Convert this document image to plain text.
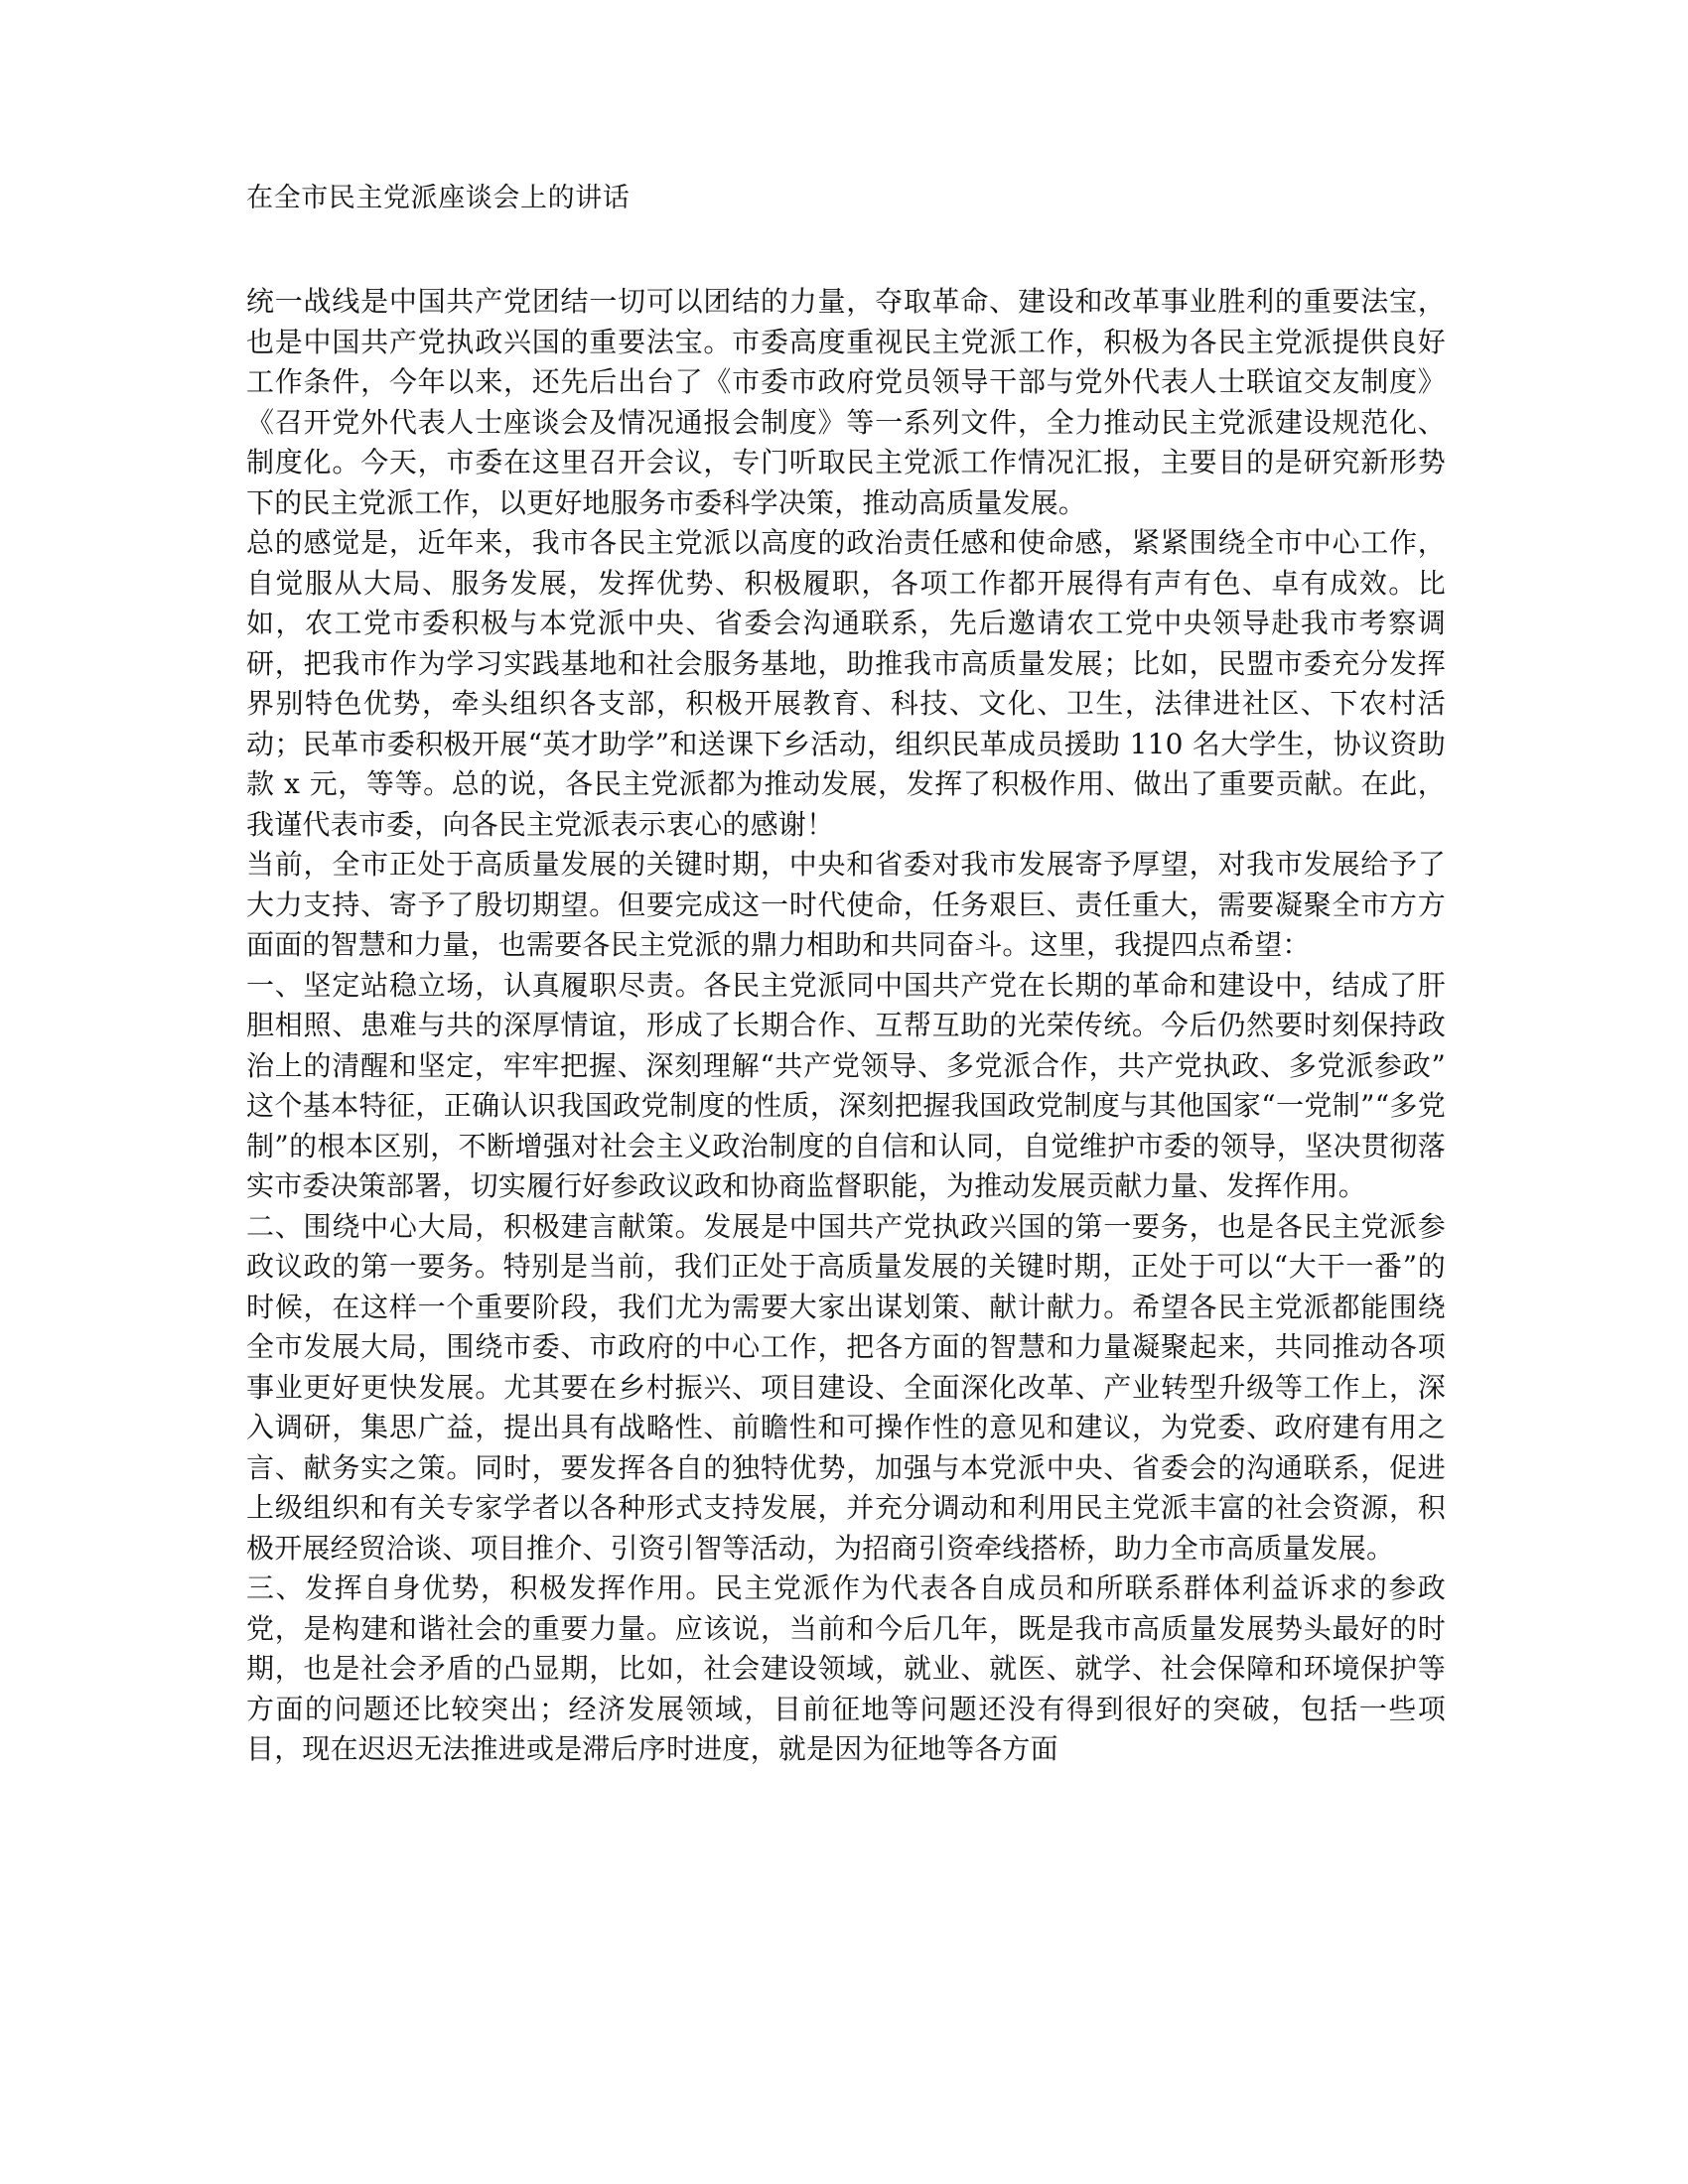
在全市民主党派座谈会上的讲话

统一战线是中国共产党团结一切可以团结的力量，夺取革命、建设和改革事业胜利的重要法宝，也是中国共产党执政兴国的重要法宝。市委高度重视民主党派工作，积极为各民主党派提供良好工作条件，今年以来，还先后出台了《市委市政府党员领导干部与党外代表人士联谊交友制度》《召开党外代表人士座谈会及情况通报会制度》等一系列文件，全力推动民主党派建设规范化、制度化。今天，市委在这里召开会议，专门听取民主党派工作情况汇报，主要目的是研究新形势下的民主党派工作，以更好地服务市委科学决策，推动高质量发展。

总的感觉是，近年来，我市各民主党派以高度的政治责任感和使命感，紧紧围绕全市中心工作，自觉服从大局、服务发展，发挥优势、积极履职，各项工作都开展得有声有色、卓有成效。比如，农工党市委积极与本党派中央、省委会沟通联系，先后邀请农工党中央领导赴我市考察调研，把我市作为学习实践基地和社会服务基地，助推我市高质量发展；比如，民盟市委充分发挥界别特色优势，牵头组织各支部，积极开展教育、科技、文化、卫生，法律进社区、下农村活动；民革市委积极开展“英才助学”和送课下乡活动，组织民革成员援助 110 名大学生，协议资助款 x 元，等等。总的说，各民主党派都为推动发展，发挥了积极作用、做出了重要贡献。在此，我谨代表市委，向各民主党派表示衷心的感谢！

当前，全市正处于高质量发展的关键时期，中央和省委对我市发展寄予厚望，对我市发展给予了大力支持、寄予了殷切期望。但要完成这一时代使命，任务艰巨、责任重大，需要凝聚全市方方面面的智慧和力量，也需要各民主党派的鼎力相助和共同奋斗。这里，我提四点希望：

一、坚定站稳立场，认真履职尽责。各民主党派同中国共产党在长期的革命和建设中，结成了肝胆相照、患难与共的深厚情谊，形成了长期合作、互帮互助的光荣传统。今后仍然要时刻保持政治上的清醒和坚定，牢牢把握、深刻理解“共产党领导、多党派合作，共产党执政、多党派参政”这个基本特征，正确认识我国政党制度的性质，深刻把握我国政党制度与其他国家“一党制”“多党制”的根本区别，不断增强对社会主义政治制度的自信和认同，自觉维护市委的领导，坚决贯彻落实市委决策部署，切实履行好参政议政和协商监督职能，为推动发展贡献力量、发挥作用。

二、围绕中心大局，积极建言献策。发展是中国共产党执政兴国的第一要务，也是各民主党派参政议政的第一要务。特别是当前，我们正处于高质量发展的关键时期，正处于可以“大干一番”的时候，在这样一个重要阶段，我们尤为需要大家出谋划策、献计献力。希望各民主党派都能围绕全市发展大局，围绕市委、市政府的中心工作，把各方面的智慧和力量凝聚起来，共同推动各项事业更好更快发展。尤其要在乡村振兴、项目建设、全面深化改革、产业转型升级等工作上，深入调研，集思广益，提出具有战略性、前瞻性和可操作性的意见和建议，为党委、政府建有用之言、献务实之策。同时，要发挥各自的独特优势，加强与本党派中央、省委会的沟通联系，促进上级组织和有关专家学者以各种形式支持发展，并充分调动和利用民主党派丰富的社会资源，积极开展经贸洽谈、项目推介、引资引智等活动，为招商引资牵线搭桥，助力全市高质量发展。

三、发挥自身优势，积极发挥作用。民主党派作为代表各自成员和所联系群体利益诉求的参政党，是构建和谐社会的重要力量。应该说，当前和今后几年，既是我市高质量发展势头最好的时期，也是社会矛盾的凸显期，比如，社会建设领域，就业、就医、就学、社会保障和环境保护等方面的问题还比较突出；经济发展领域，目前征地等问题还没有得到很好的突破，包括一些项目，现在迟迟无法推进或是滞后序时进度，就是因为征地等各方面
